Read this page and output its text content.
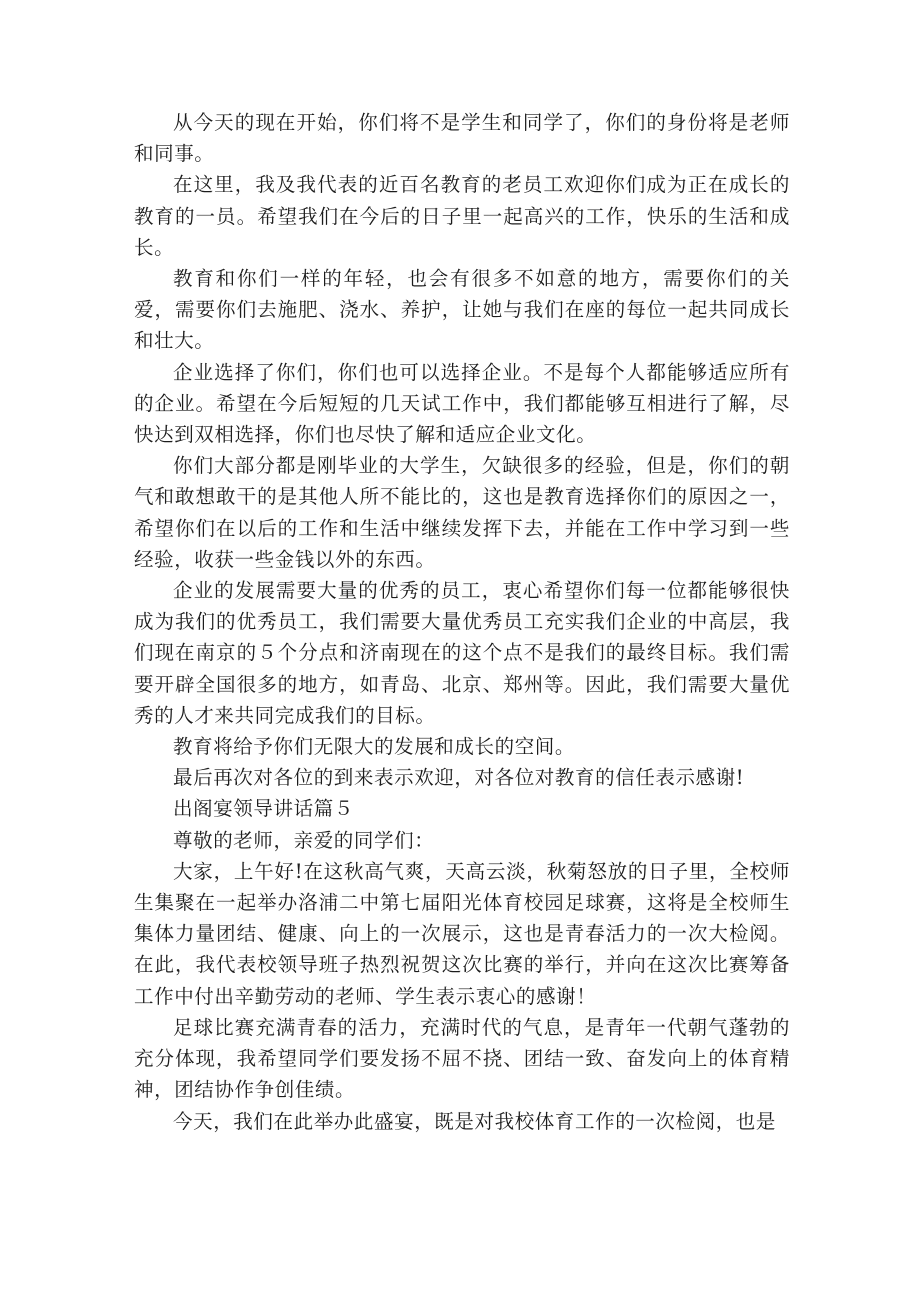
从今天的现在开始，你们将不是学生和同学了，你们的身份将是老师和同事。

在这里，我及我代表的近百名教育的老员工欢迎你们成为正在成长的教育的一员。希望我们在今后的日子里一起高兴的工作，快乐的生活和成长。

教育和你们一样的年轻，也会有很多不如意的地方，需要你们的关爱，需要你们去施肥、浇水、养护，让她与我们在座的每位一起共同成长和壮大。

企业选择了你们，你们也可以选择企业。不是每个人都能够适应所有的企业。希望在今后短短的几天试工作中，我们都能够互相进行了解，尽快达到双相选择，你们也尽快了解和适应企业文化。

你们大部分都是刚毕业的大学生，欠缺很多的经验，但是，你们的朝气和敢想敢干的是其他人所不能比的，这也是教育选择你们的原因之一，希望你们在以后的工作和生活中继续发挥下去，并能在工作中学习到一些经验，收获一些金钱以外的东西。

企业的发展需要大量的优秀的员工，衷心希望你们每一位都能够很快成为我们的优秀员工，我们需要大量优秀员工充实我们企业的中高层，我们现在南京的５个分点和济南现在的这个点不是我们的最终目标。我们需要开辟全国很多的地方，如青岛、北京、郑州等。因此，我们需要大量优秀的人才来共同完成我们的目标。

教育将给予你们无限大的发展和成长的空间。

最后再次对各位的到来表示欢迎，对各位对教育的信任表示感谢!

出阁宴领导讲话篇５

尊敬的老师，亲爱的同学们：

大家，上午好!在这秋高气爽，天高云淡，秋菊怒放的日子里，全校师生集聚在一起举办洛浦二中第七届阳光体育校园足球赛，这将是全校师生集体力量团结、健康、向上的一次展示，这也是青春活力的一次大检阅。在此，我代表校领导班子热烈祝贺这次比赛的举行，并向在这次比赛筹备工作中付出辛勤劳动的老师、学生表示衷心的感谢！

足球比赛充满青春的活力，充满时代的气息，是青年一代朝气蓬勃的充分体现，我希望同学们要发扬不屈不挠、团结一致、奋发向上的体育精神，团结协作争创佳绩。

今天，我们在此举办此盛宴，既是对我校体育工作的一次检阅，也是
